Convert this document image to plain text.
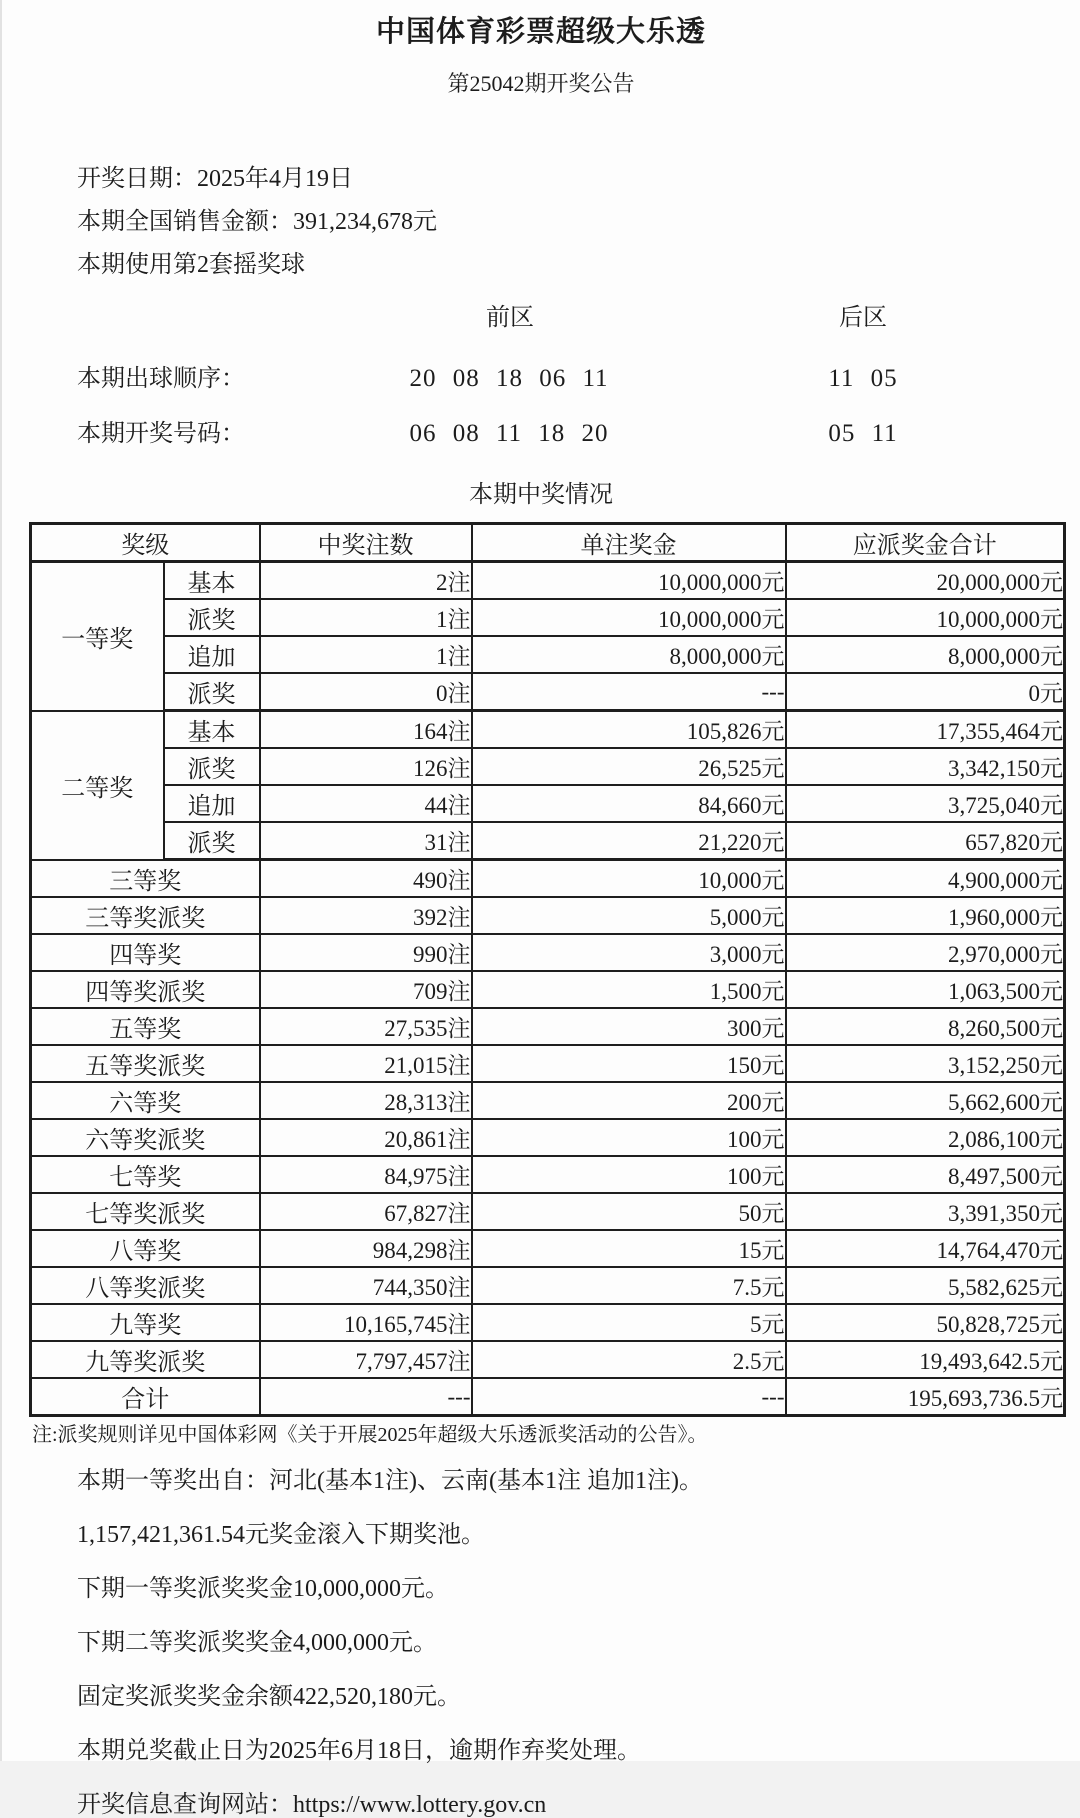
中国体育彩票超级大乐透
第25042期开奖公告
开奖日期：2025年4月19日
本期全国销售金额：391,234,678元
本期使用第2套摇奖球
前区	后区
本期出球顺序：	20 08 18 06 11	11 05
本期开奖号码：	06 08 11 18 20	05 11
本期中奖情况
奖级		中奖注数	单注奖金	应派奖金合计
一等奖	基本	2注	10,000,000元	20,000,000元
	派奖	1注	10,000,000元	10,000,000元
	追加	1注	8,000,000元	8,000,000元
	派奖	0注	---	0元
二等奖	基本	164注	105,826元	17,355,464元
	派奖	126注	26,525元	3,342,150元
	追加	44注	84,660元	3,725,040元
	派奖	31注	21,220元	657,820元
三等奖		490注	10,000元	4,900,000元
三等奖派奖		392注	5,000元	1,960,000元
四等奖		990注	3,000元	2,970,000元
四等奖派奖		709注	1,500元	1,063,500元
五等奖		27,535注	300元	8,260,500元
五等奖派奖		21,015注	150元	3,152,250元
六等奖		28,313注	200元	5,662,600元
六等奖派奖		20,861注	100元	2,086,100元
七等奖		84,975注	100元	8,497,500元
七等奖派奖		67,827注	50元	3,391,350元
八等奖		984,298注	15元	14,764,470元
八等奖派奖		744,350注	7.5元	5,582,625元
九等奖		10,165,745注	5元	50,828,725元
九等奖派奖		7,797,457注	2.5元	19,493,642.5元
合计		---	---	195,693,736.5元
注:派奖规则详见中国体彩网《关于开展2025年超级大乐透派奖活动的公告》。

本期一等奖出自：河北(基本1注)、云南(基本1注 追加1注)。

1,157,421,361.54元奖金滚入下期奖池。

下期一等奖派奖奖金10,000,000元。

下期二等奖派奖奖金4,000,000元。

固定奖派奖奖金余额422,520,180元。

本期兑奖截止日为2025年6月18日，逾期作弃奖处理。

开奖信息查询网站：https://www.lottery.gov.cn
